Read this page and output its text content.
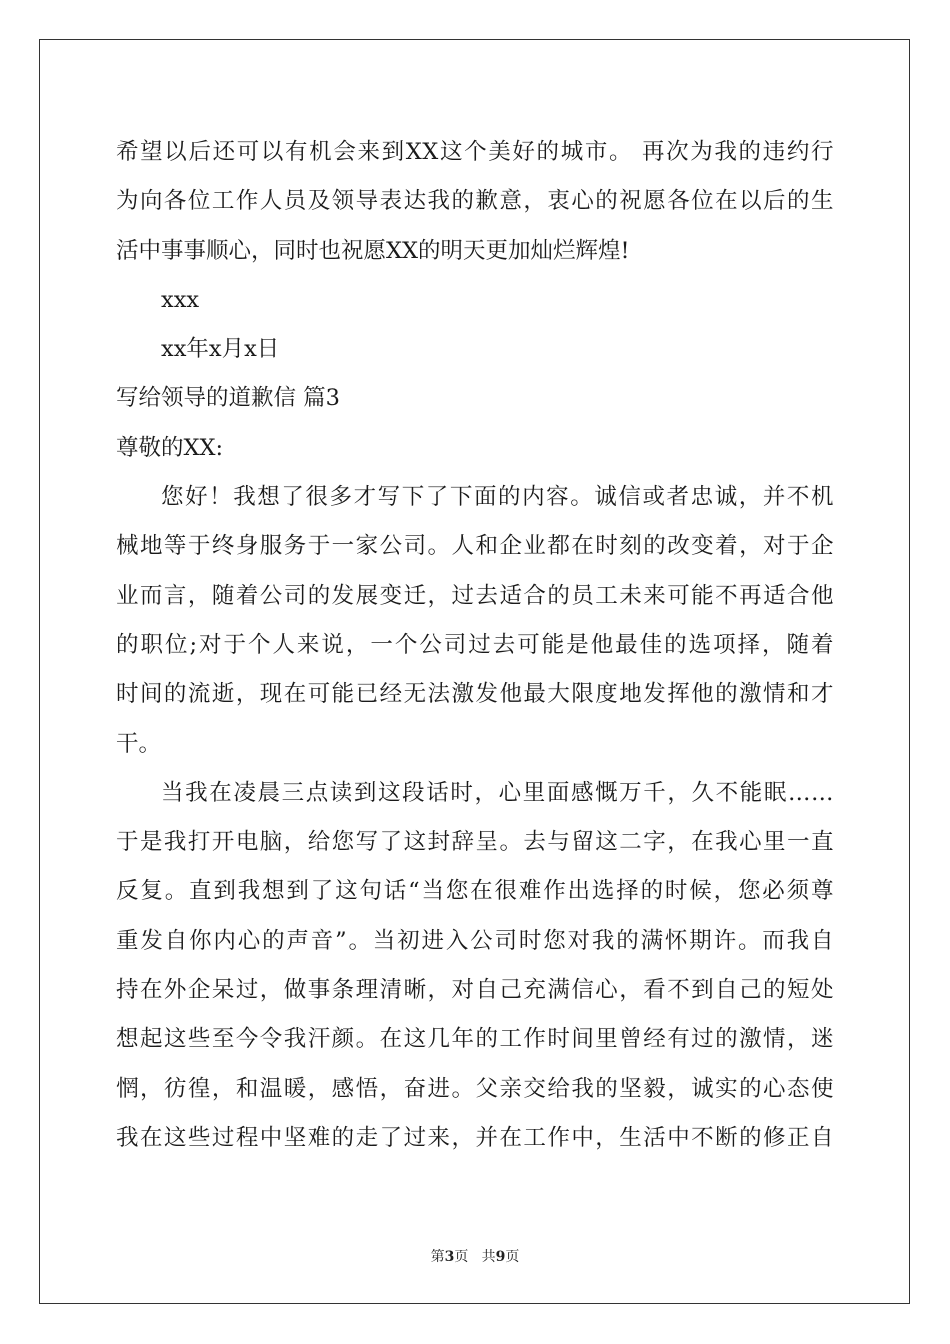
希望以后还可以有机会来到XX这个美好的城市。 再次为我的违约行
为向各位工作人员及领导表达我的歉意，衷心的祝愿各位在以后的生
活中事事顺心，同时也祝愿XX的明天更加灿烂辉煌!
xxx
xx年x月x日
写给领导的道歉信 篇3
尊敬的XX:
您好！我想了很多才写下了下面的内容。诚信或者忠诚，并不机
械地等于终身服务于一家公司。人和企业都在时刻的改变着，对于企
业而言，随着公司的发展变迁，过去适合的员工未来可能不再适合他
的职位;对于个人来说，一个公司过去可能是他最佳的选项择，随着
时间的流逝，现在可能已经无法激发他最大限度地发挥他的激情和才
干。
当我在凌晨三点读到这段话时，心里面感慨万千，久不能眠……
于是我打开电脑，给您写了这封辞呈。去与留这二字，在我心里一直
反复。直到我想到了这句话“当您在很难作出选择的时候，您必须尊
重发自你内心的声音”。当初进入公司时您对我的满怀期许。而我自
持在外企呆过，做事条理清晰，对自己充满信心，看不到自己的短处
想起这些至今令我汗颜。在这几年的工作时间里曾经有过的激情，迷
惘，彷徨，和温暖，感悟，奋进。父亲交给我的坚毅，诚实的心态使
我在这些过程中坚难的走了过来，并在工作中，生活中不断的修正自
第3页 共9页
